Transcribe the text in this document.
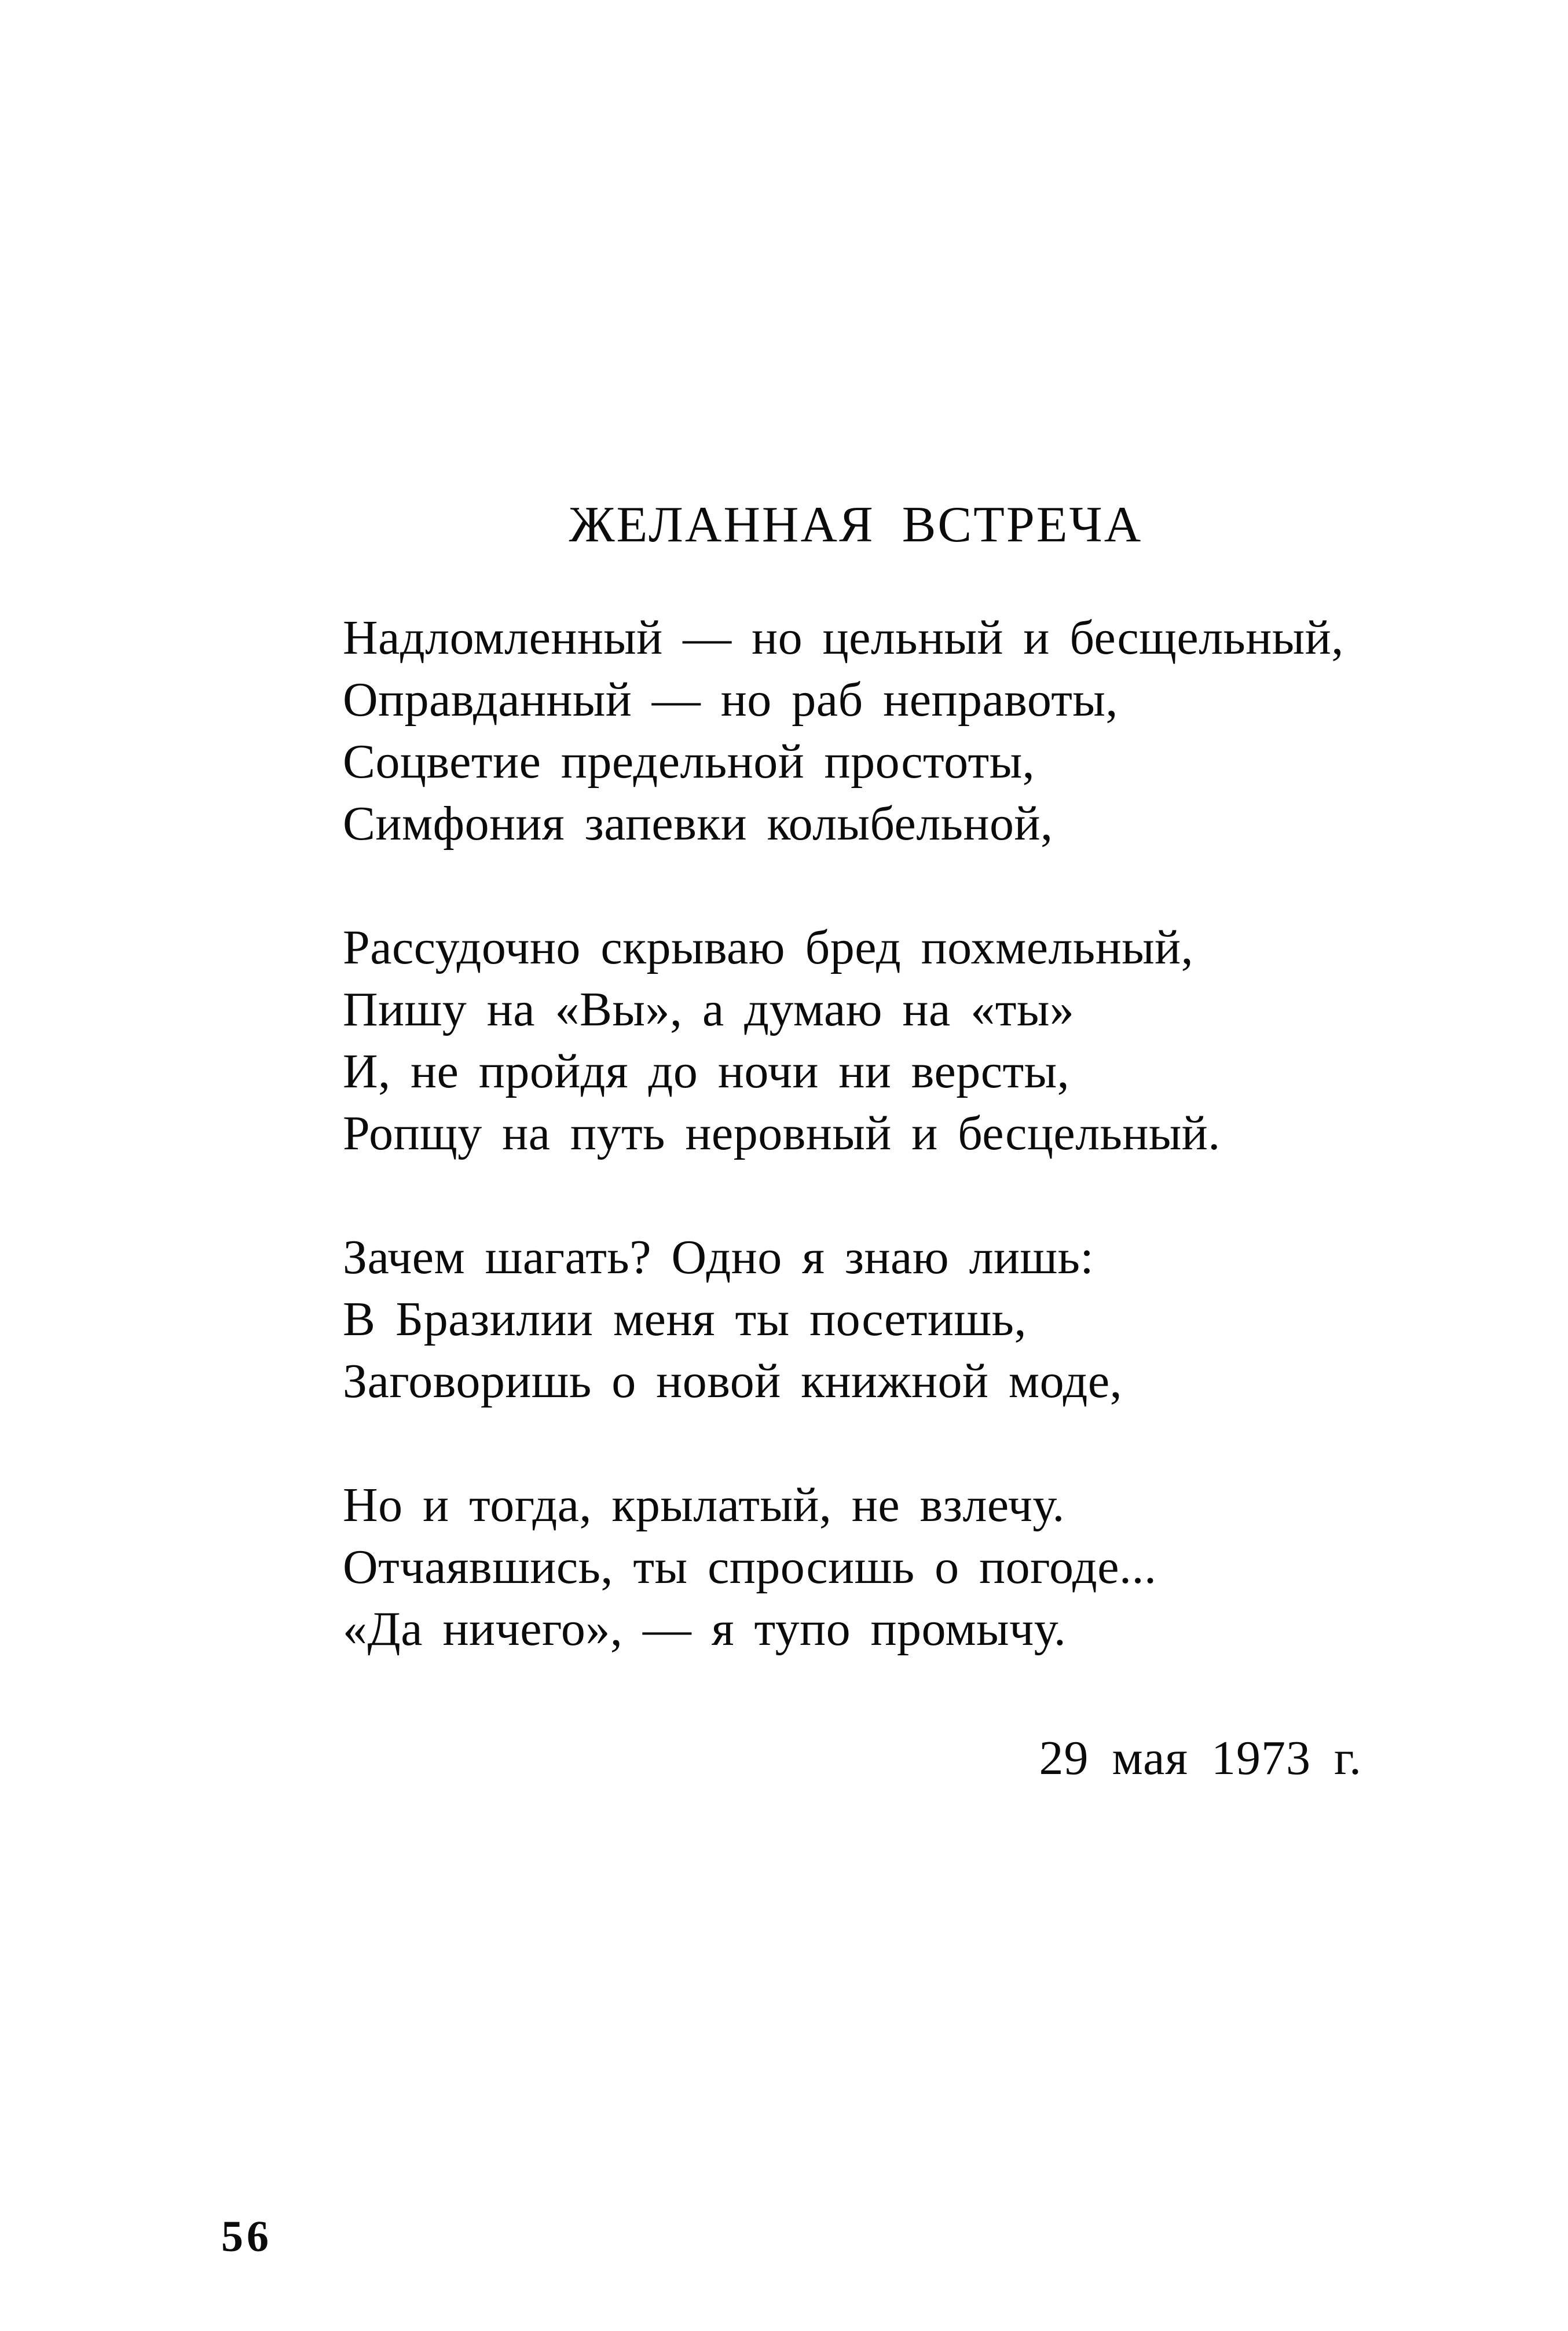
ЖЕЛАННАЯ ВСТРЕЧА
Надломленный — но цельный и бесщельный,
Оправданный — но раб неправоты,
Соцветие предельной простоты,
Симфония запевки колыбельной,
Рассудочно скрываю бред похмельный,
Пишу на «Вы», а думаю на «ты»
И, не пройдя до ночи ни версты,
Ропщу на путь неровный и бесцельный.
Зачем шагать? Одно я знаю лишь:
В Бразилии меня ты посетишь,
Заговоришь о новой книжной моде,
Но и тогда, крылатый, не взлечу.
Отчаявшись, ты спросишь о погоде...
«Да ничего», — я тупо промычу.
29 мая 1973 г.
56
